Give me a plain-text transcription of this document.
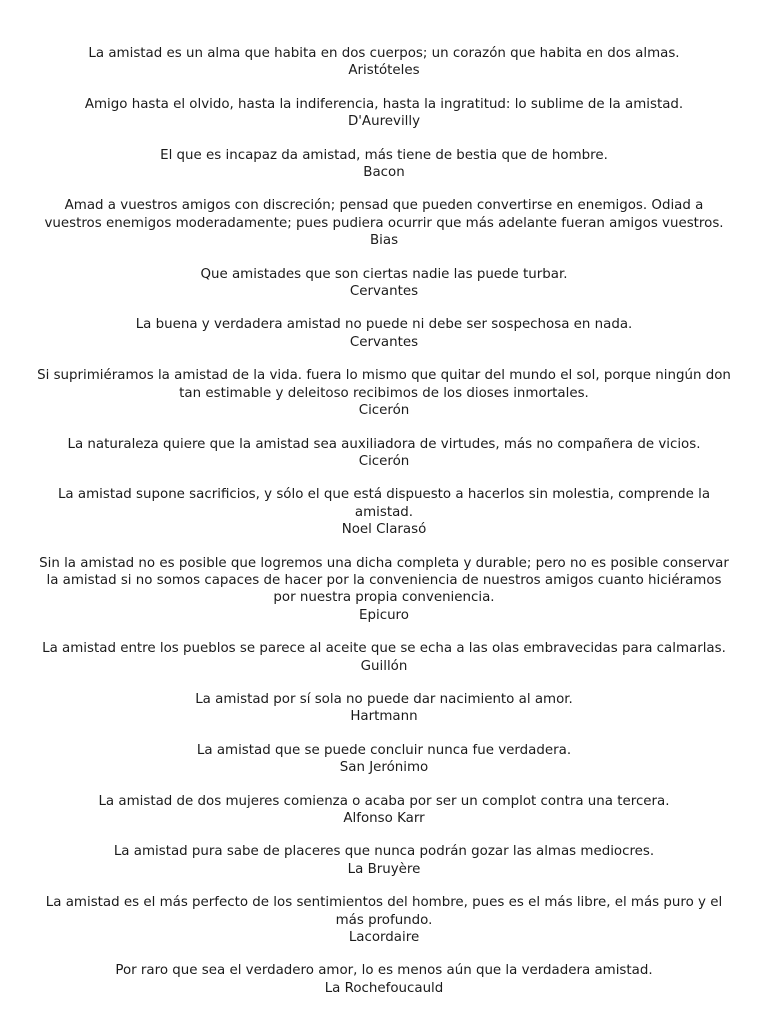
La amistad es un alma que habita en dos cuerpos; un corazón que habita en dos almas.
Aristóteles
Amigo hasta el olvido, hasta la indiferencia, hasta la ingratitud: lo sublime de la amistad.
D'Aurevilly
El que es incapaz da amistad, más tiene de bestia que de hombre.
Bacon
Amad a vuestros amigos con discreción; pensad que pueden convertirse en enemigos. Odiad a vuestros enemigos moderadamente; pues pudiera ocurrir que más adelante fueran amigos vuestros.
Bias
Que amistades que son ciertas nadie las puede turbar.
Cervantes
La buena y verdadera amistad no puede ni debe ser sospechosa en nada.
Cervantes
Si suprimiéramos la amistad de la vida. fuera lo mismo que quitar del mundo el sol, porque ningún don tan estimable y deleitoso recibimos de los dioses inmortales.
Cicerón
La naturaleza quiere que la amistad sea auxiliadora de virtudes, más no compañera de vicios.
Cicerón
La amistad supone sacrificios, y sólo el que está dispuesto a hacerlos sin molestia, comprende la amistad.
Noel Clarasó
Sin la amistad no es posible que logremos una dicha completa y durable; pero no es posible conservar la amistad si no somos capaces de hacer por la conveniencia de nuestros amigos cuanto hiciéramos por nuestra propia conveniencia.
Epicuro
La amistad entre los pueblos se parece al aceite que se echa a las olas embravecidas para calmarlas.
Guillón
La amistad por sí sola no puede dar nacimiento al amor.
Hartmann
La amistad que se puede concluir nunca fue verdadera.
San Jerónimo
La amistad de dos mujeres comienza o acaba por ser un complot contra una tercera.
Alfonso Karr
La amistad pura sabe de placeres que nunca podrán gozar las almas mediocres.
La Bruyère
La amistad es el más perfecto de los sentimientos del hombre, pues es el más libre, el más puro y el más profundo.
Lacordaire
Por raro que sea el verdadero amor, lo es menos aún que la verdadera amistad.
La Rochefoucauld
